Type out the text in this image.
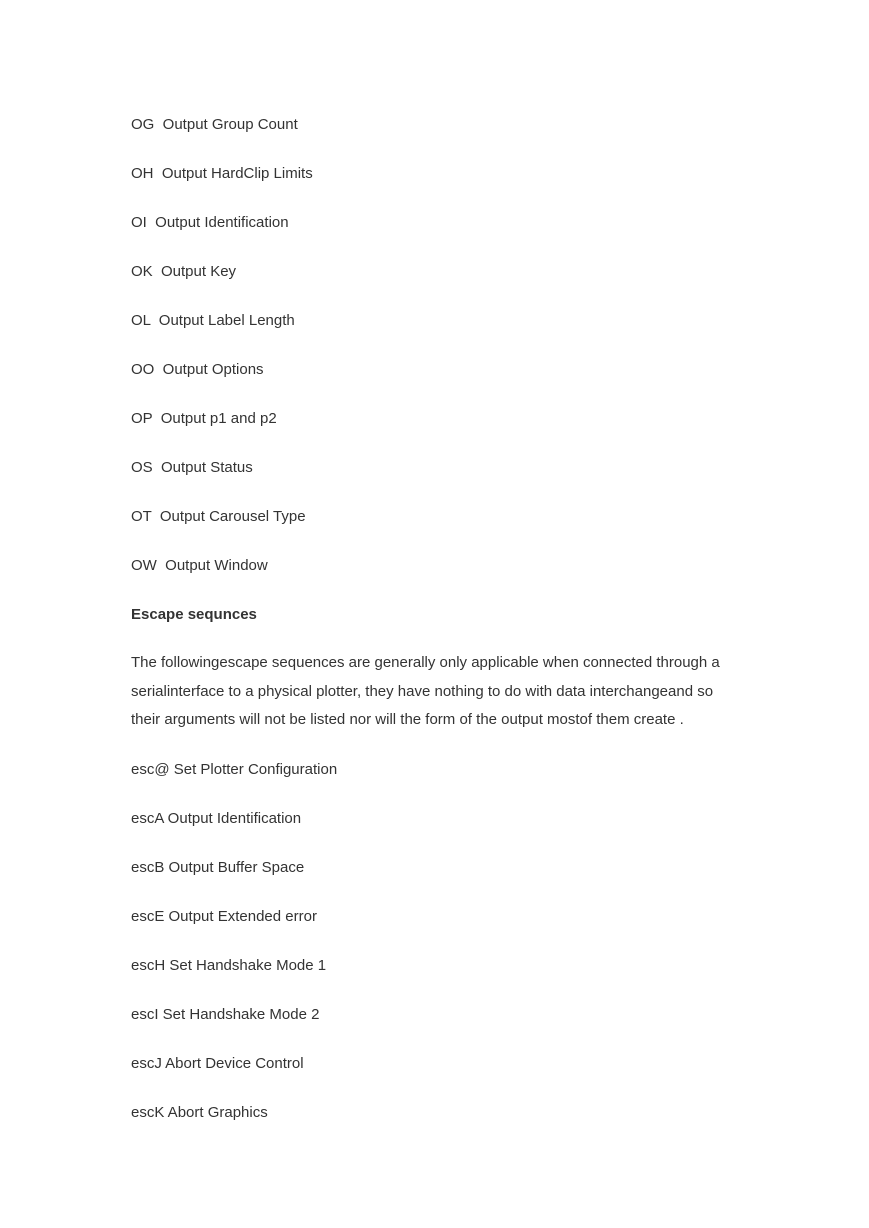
OG  Output Group Count
OH  Output HardClip Limits
OI  Output Identification
OK  Output Key
OL  Output Label Length
OO  Output Options
OP  Output p1 and p2
OS  Output Status
OT  Output Carousel Type
OW  Output Window
Escape sequnces
The followingescape sequences are generally only applicable when connected through a serialinterface to a physical plotter, they have nothing to do with data interchangeand so their arguments will not be listed nor will the form of the output mostof them create .
esc@ Set Plotter Configuration
escA Output Identification
escB Output Buffer Space
escE Output Extended error
escH Set Handshake Mode 1
escI Set Handshake Mode 2
escJ Abort Device Control
escK Abort Graphics
